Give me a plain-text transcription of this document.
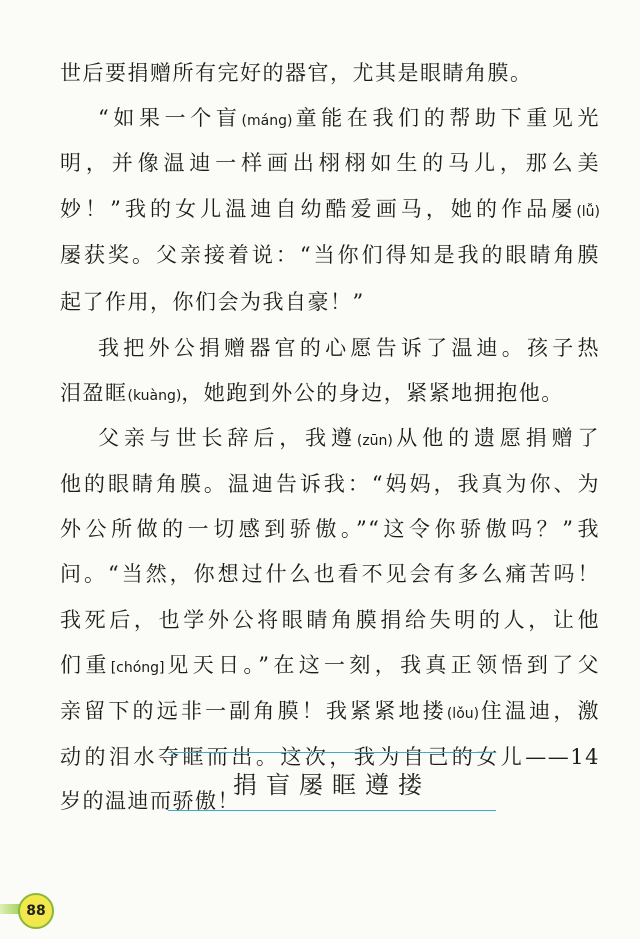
世后要捐赠所有完好的器官，尤其是眼睛角膜。
“如果一个盲(máng)童能在我们的帮助下重见光
明，并像温迪一样画出栩栩如生的马儿，那么美
妙！”我的女儿温迪自幼酷爱画马，她的作品屡(lǚ)
屡获奖。父亲接着说：“当你们得知是我的眼睛角膜
起了作用，你们会为我自豪！”
我把外公捐赠器官的心愿告诉了温迪。孩子热
泪盈眶(kuàng)，她跑到外公的身边，紧紧地拥抱他。
父亲与世长辞后，我遵(zūn)从他的遗愿捐赠了
他的眼睛角膜。温迪告诉我：“妈妈，我真为你、为
外公所做的一切感到骄傲。”“这令你骄傲吗？”我
问。“当然，你想过什么也看不见会有多么痛苦吗！
我死后，也学外公将眼睛角膜捐给失明的人，让他
们重[chóng]见天日。”在这一刻，我真正领悟到了父
亲留下的远非一副角膜！我紧紧地搂(lǒu)住温迪，激
动的泪水夺眶而出。这次，我为自己的女儿——14
岁的温迪而骄傲！
捐盲屡眶遵搂
88
